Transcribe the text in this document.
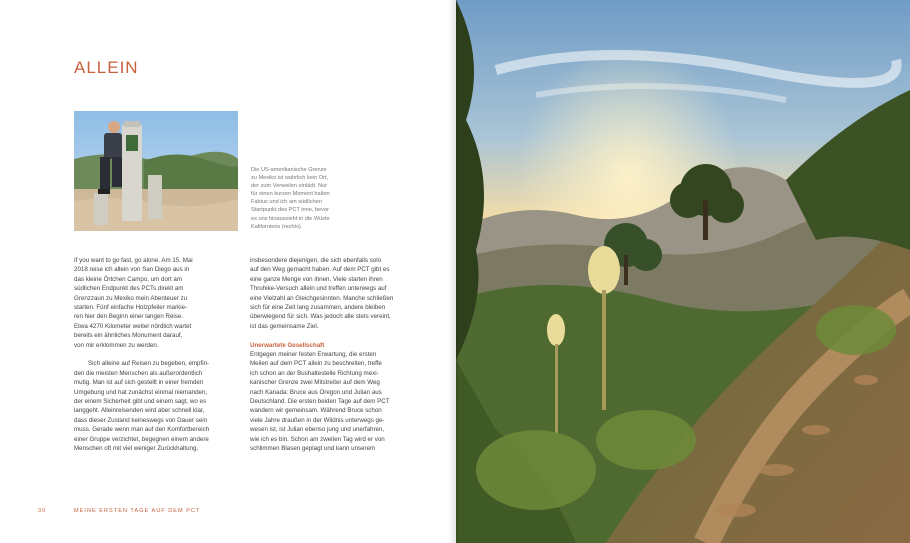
ALLEIN
Die US-amerikanische Grenze
zu Mexiko ist wahrlich kein Ort,
der zum Verweilen einlädt. Nur
für einen kurzen Moment halten
Fabius und ich am südlichen
Startpunkt des PCT inne, bevor
es uns hinauszieht in die Wüste
Kaliforniens (rechts).

If you want to go fast, go alone. Am 15. Mai
2018 reise ich allein von San Diego aus in
das kleine Örtchen Campo, um dort am
südlichen Endpunkt des PCTs direkt am
Grenzzaun zu Mexiko mein Abenteuer zu
starten. Fünf einfache Holzpfeiler markie-
ren hier den Beginn einer langen Reise.
Etwa 4270 Kilometer weiter nördlich wartet
bereits ein ähnliches Monument darauf,
von mir erklommen zu werden.

Sich alleine auf Reisen zu begeben, empfin-
den die meisten Menschen als außerordentlich
mutig. Man ist auf sich gestellt in einer fremden
Umgebung und hat zunächst einmal niemanden,
der einem Sicherheit gibt und einem sagt, wo es
langgeht. Alleinreisenden wird aber schnell klar,
dass dieser Zustand keineswegs von Dauer sein
muss. Gerade wenn man auf den Komfortbereich
einer Gruppe verzichtet, begegnen einem andere
Menschen oft mit viel weniger Zurückhaltung,

insbesondere diejenigen, die sich ebenfalls solo
auf den Weg gemacht haben. Auf dem PCT gibt es
eine ganze Menge von ihnen. Viele starten ihren
Thruhike-Versuch allein und treffen unterwegs auf
eine Vielzahl an Gleichgesinnten. Manche schließen
sich für eine Zeit lang zusammen, andere bleiben
überwiegend für sich. Was jedoch alle stets vereint,
ist das gemeinsame Ziel.

Unerwartete Gesellschaft

Entgegen meiner festen Erwartung, die ersten
Meilen auf dem PCT allein zu beschreiten, treffe
ich schon an der Bushaltestelle Richtung mexi-
kanischer Grenze zwei Mitstreiter auf dem Weg
nach Kanada: Bruce aus Oregon und Julian aus
Deutschland. Die ersten beiden Tage auf dem PCT
wandern wir gemeinsam. Während Bruce schon
viele Jahre draußen in der Wildnis unterwegs ge-
wesen ist, ist Julian ebenso jung und unerfahren,
wie ich es bin. Schon am zweiten Tag wird er von
schlimmen Blasen geplagt und kann unserem

30	MEINE ERSTEN TAGE AUF DEM PCT
